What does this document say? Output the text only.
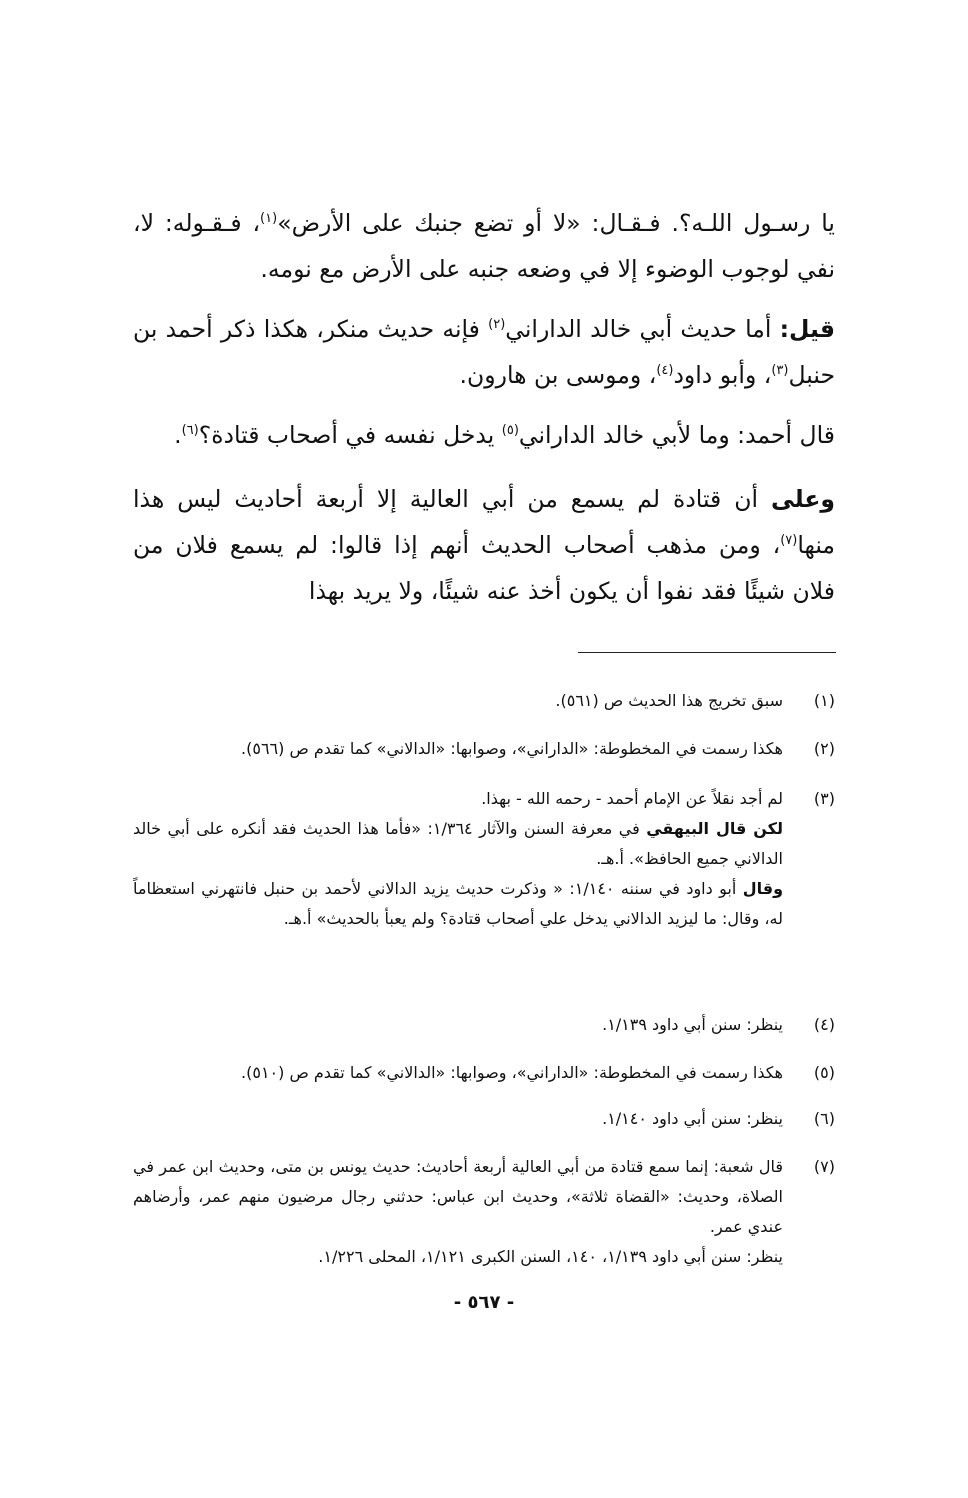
يا رسـول اللـه؟. فـقـال: «لا أو تضع جنبك على الأرض»$^{(١)}$، فـقـوله: لا، نفي لوجوب الوضوء إلا في وضعه جنبه على الأرض مع نومه.

قيل: أما حديث أبي خالد الداراني$^{(٢)}$ فإنه حديث منكر، هكذا ذكر أحمد بن حنبل$^{(٣)}$، وأبو داود$^{(٤)}$، وموسى بن هارون.

قال أحمد: وما لأبي خالد الداراني$^{(٥)}$ يدخل نفسه في أصحاب قتادة؟$^{(٦)}$.

وعلى أن قتادة لم يسمع من أبي العالية إلا أربعة أحاديث ليس هذا منها$^{(٧)}$، ومن مذهب أصحاب الحديث أنهم إذا قالوا: لم يسمع فلان من فلان شيئًا فقد نفوا أن يكون أخذ عنه شيئًا، ولا يريد بهذا

(١)
سبق تخريج هذا الحديث ص (٥٦١).
(٢)
هكذا رسمت في المخطوطة: «الداراني»، وصوابها: «الدالاني» كما تقدم ص (٥٦٦).
(٣)
لم أجد نقلاً عن الإمام أحمد - رحمه الله - بهذا.
لكن قال البيهقي في معرفة السنن والآثار ١/٣٦٤: «فأما هذا الحديث فقد أنكره على أبي خالد الدالاني جميع الحافظ». أ.هـ.
وقال أبو داود في سننه ١/١٤٠: « وذكرت حديث يزيد الدالاني لأحمد بن حنبل فانتهرني استعظاماً له، وقال: ما ليزيد الدالاني يدخل علي أصحاب قتادة؟ ولم يعبأ بالحديث» أ.هـ.
(٤)
ينظر: سنن أبي داود ١/١٣٩.
(٥)
هكذا رسمت في المخطوطة: «الداراني»، وصوابها: «الدالاني» كما تقدم ص (٥١٠).
(٦)
ينظر: سنن أبي داود ١/١٤٠.
(٧)
قال شعبة: إنما سمع قتادة من أبي العالية أربعة أحاديث: حديث يونس بن متى، وحديث ابن عمر في الصلاة، وحديث: «القضاة ثلاثة»، وحديث ابن عباس: حدثني رجال مرضيون منهم عمر، وأرضاهم عندي عمر.
ينظر: سنن أبي داود ١/١٣٩، ١٤٠، السنن الكبرى ١/١٢١، المحلى ١/٢٢٦.
- ٥٦٧ -
